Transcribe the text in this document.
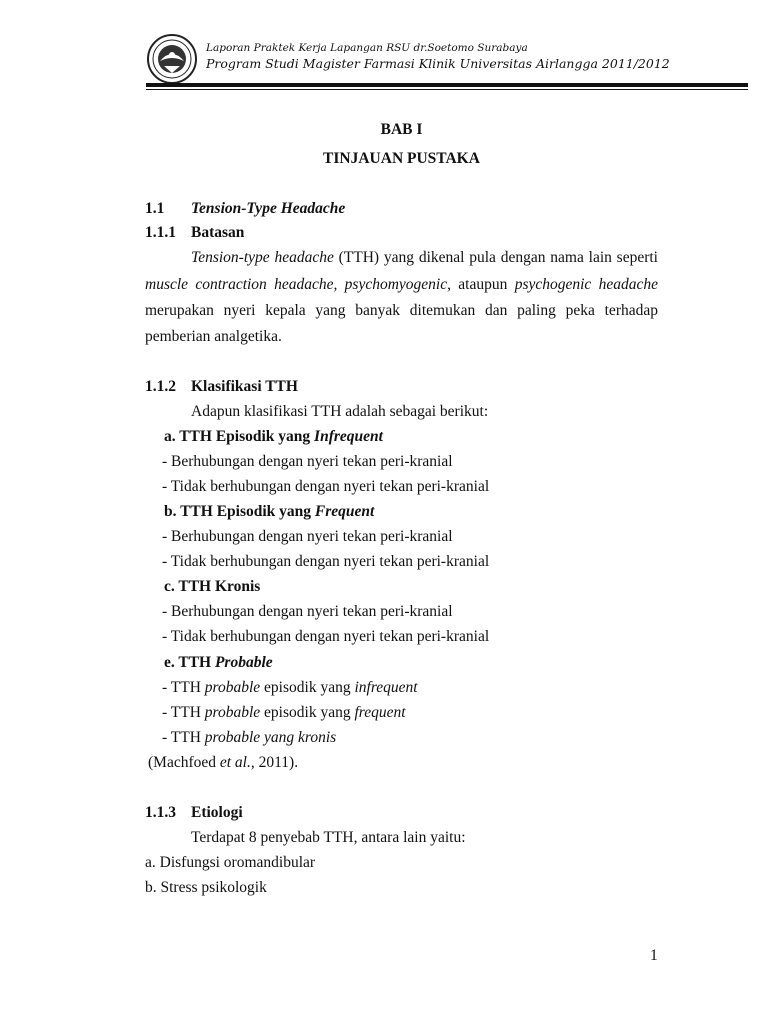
Laporan Praktek Kerja Lapangan RSU dr.Soetomo Surabaya
Program Studi Magister Farmasi Klinik Universitas Airlangga 2011/2012
BAB I
TINJAUAN PUSTAKA
1.1 Tension-Type Headache
1.1.1 Batasan
Tension-type headache (TTH) yang dikenal pula dengan nama lain seperti
muscle contraction headache, psychomyogenic, ataupun psychogenic headache
merupakan nyeri kepala yang banyak ditemukan dan paling peka terhadap
pemberian analgetika.
1.1.2 Klasifikasi TTH
Adapun klasifikasi TTH adalah sebagai berikut:
a. TTH Episodik yang Infrequent
- Berhubungan dengan nyeri tekan peri-kranial
- Tidak berhubungan dengan nyeri tekan peri-kranial
b. TTH Episodik yang Frequent
- Berhubungan dengan nyeri tekan peri-kranial
- Tidak berhubungan dengan nyeri tekan peri-kranial
c. TTH Kronis
- Berhubungan dengan nyeri tekan peri-kranial
- Tidak berhubungan dengan nyeri tekan peri-kranial
e. TTH Probable
- TTH probable episodik yang infrequent
- TTH probable episodik yang frequent
- TTH probable yang kronis
(Machfoed et al., 2011).
1.1.3 Etiologi
Terdapat 8 penyebab TTH, antara lain yaitu:
a. Disfungsi oromandibular
b. Stress psikologik
1
